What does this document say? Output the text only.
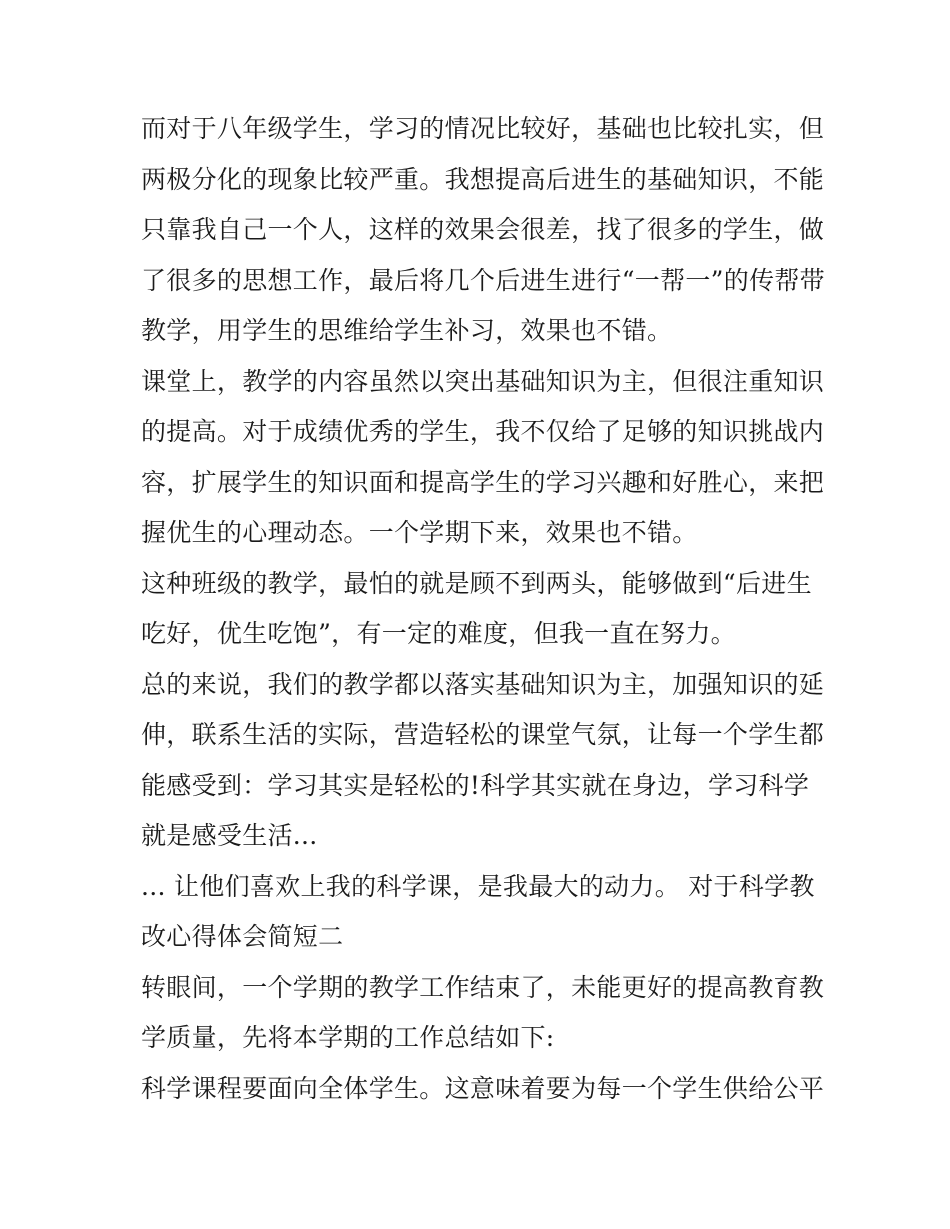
而对于八年级学生，学习的情况比较好，基础也比较扎实，但
两极分化的现象比较严重。我想提高后进生的基础知识，不能
只靠我自己一个人，这样的效果会很差，找了很多的学生，做
了很多的思想工作，最后将几个后进生进行“一帮一”的传帮带
教学，用学生的思维给学生补习，效果也不错。
课堂上，教学的内容虽然以突出基础知识为主，但很注重知识
的提高。对于成绩优秀的学生，我不仅给了足够的知识挑战内
容，扩展学生的知识面和提高学生的学习兴趣和好胜心，来把
握优生的心理动态。一个学期下来，效果也不错。
这种班级的教学，最怕的就是顾不到两头，能够做到“后进生
吃好，优生吃饱”，有一定的难度，但我一直在努力。
总的来说，我们的教学都以落实基础知识为主，加强知识的延
伸，联系生活的实际，营造轻松的课堂气氛，让每一个学生都
能感受到：学习其实是轻松的!科学其实就在身边，学习科学
就是感受生活...
... 让他们喜欢上我的科学课，是我最大的动力。 对于科学教
改心得体会简短二
转眼间，一个学期的教学工作结束了，未能更好的提高教育教
学质量，先将本学期的工作总结如下:
科学课程要面向全体学生。这意味着要为每一个学生供给公平
